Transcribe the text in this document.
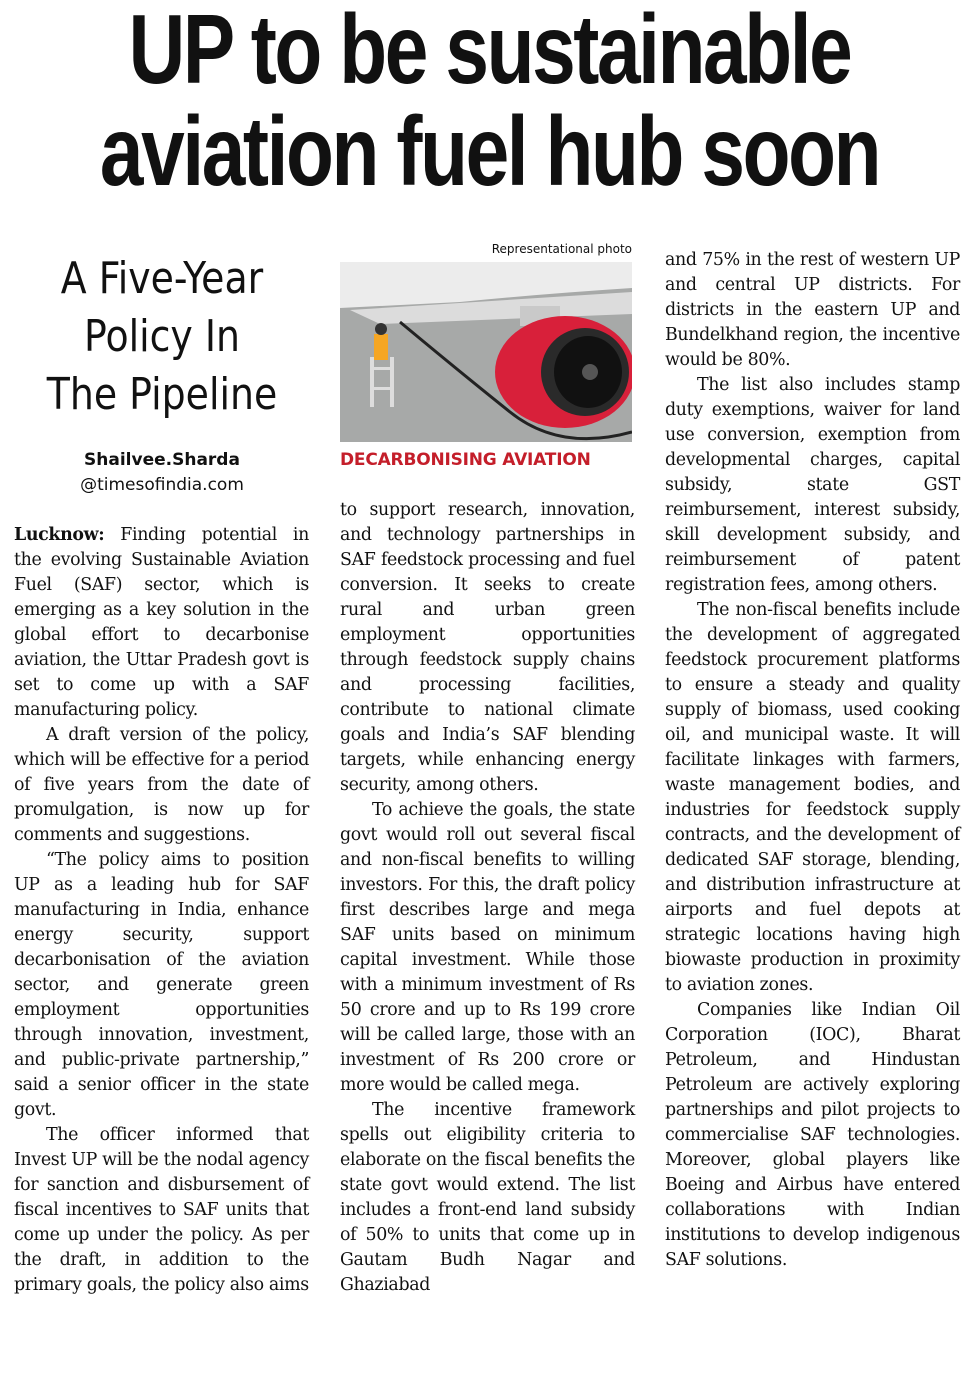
UP to be sustainable
aviation fuel hub soon
A Five-Year
Policy In
The Pipeline
Shailvee.Sharda
@timesofindia.com
Representational photo
DECARBONISING AVIATION

Lucknow: Finding potential in the evolving Sustainable Aviation Fuel (SAF) sector, which is emerging as a key solution in the global effort to decarbonise aviation, the Uttar Pradesh govt is set to come up with a SAF manufacturing policy.

A draft version of the policy, which will be effective for a period of five years from the date of promulgation, is now up for comments and suggestions.

“The policy aims to position UP as a leading hub for SAF manufacturing in India, enhance energy security, support decarbonisation of the aviation sector, and generate green employment opportunities through innovation, investment, and public-private partnership,” said a senior officer in the state govt.

The officer informed that Invest UP will be the nodal agency for sanction and disbursement of fiscal incentives to SAF units that come up under the policy. As per the draft, in addition to the primary goals, the policy also aims

to support research, innovation, and technology partnerships in SAF feedstock processing and fuel conversion. It seeks to create rural and urban green employment opportunities through feedstock supply chains and processing facilities, contribute to national climate goals and India’s SAF blending targets, while enhancing energy security, among others.

To achieve the goals, the state govt would roll out several fiscal and non-fiscal benefits to willing investors. For this, the draft policy first describes large and mega SAF units based on minimum capital investment. While those with a minimum investment of Rs 50 crore and up to Rs 199 crore will be called large, those with an investment of Rs 200 crore or more would be called mega.

The incentive framework spells out eligibility criteria to elaborate on the fiscal benefits the state govt would extend. The list includes a front-end land subsidy of 50% to units that come up in Gautam Budh Nagar and Ghaziabad

and 75% in the rest of western UP and central UP districts. For districts in the eastern UP and Bundelkhand region, the incentive would be 80%.

The list also includes stamp duty exemptions, waiver for land use conversion, exemption from developmental charges, capital subsidy, state GST reimbursement, interest subsidy, skill development subsidy, and reimbursement of patent registration fees, among others.

The non-fiscal benefits include the development of aggregated feedstock procurement platforms to ensure a steady and quality supply of biomass, used cooking oil, and municipal waste. It will facilitate linkages with farmers, waste management bodies, and industries for feedstock supply contracts, and the development of dedicated SAF storage, blending, and distribution infrastructure at airports and fuel depots at strategic locations having high biowaste production in proximity to aviation zones.

Companies like Indian Oil Corporation (IOC), Bharat Petroleum, and Hindustan Petroleum are actively exploring partnerships and pilot projects to commercialise SAF technologies. Moreover, global players like Boeing and Airbus have entered collaborations with Indian institutions to develop indigenous SAF solutions.
